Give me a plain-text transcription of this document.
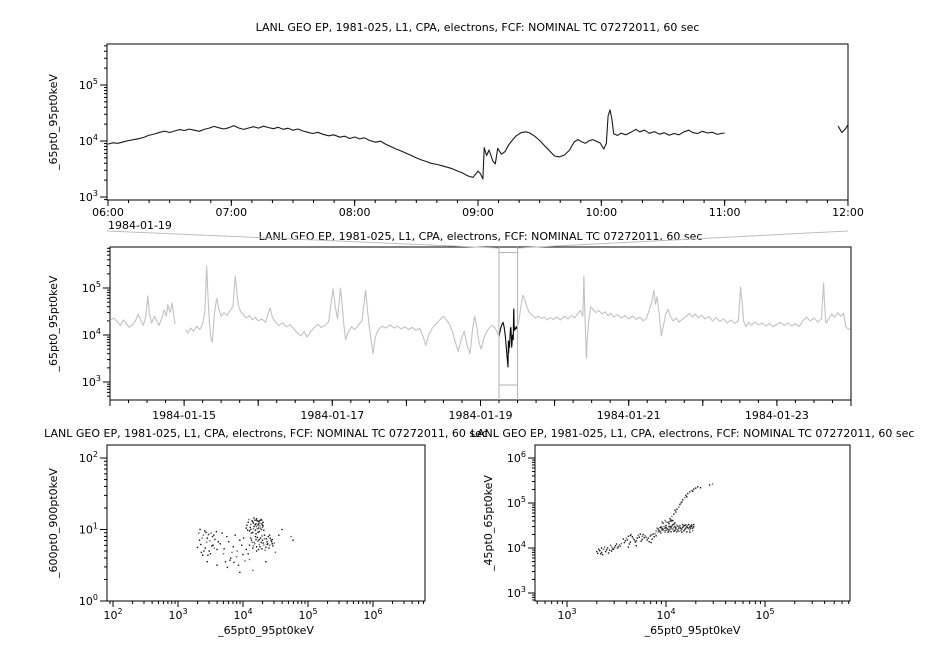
LANL GEO EP, 1981-025, L1, CPA, electrons, FCF: NOMINAL TC 07272011, 60 sec
$10^3$
$10^4$
$10^5$
06:00	07:00	08:00	09:00	10:00	11:00	12:00
1984-01-19
_65pt0_95pt0keV
LANL GEO EP, 1981-025, L1, CPA, electrons, FCF: NOMINAL TC 07272011, 60 sec
$10^3$
$10^4$
$10^5$
1984-01-15	1984-01-17	1984-01-19	1984-01-21	1984-01-23
_65pt0_95pt0keV
LANL GEO EP, 1981-025, L1, CPA, electrons, FCF: NOMINAL TC 07272011, 60 sec
$10^0$
$10^1$
$10^2$
$10^2$	$10^3$	$10^4$	$10^5$	$10^6$
_65pt0_95pt0keV
_600pt0_900pt0keV
LANL GEO EP, 1981-025, L1, CPA, electrons, FCF: NOMINAL TC 07272011, 60 sec
$10^3$
$10^4$
$10^5$
$10^6$
$10^3$	$10^4$	$10^5$
_65pt0_95pt0keV
_45pt0_65pt0keV
